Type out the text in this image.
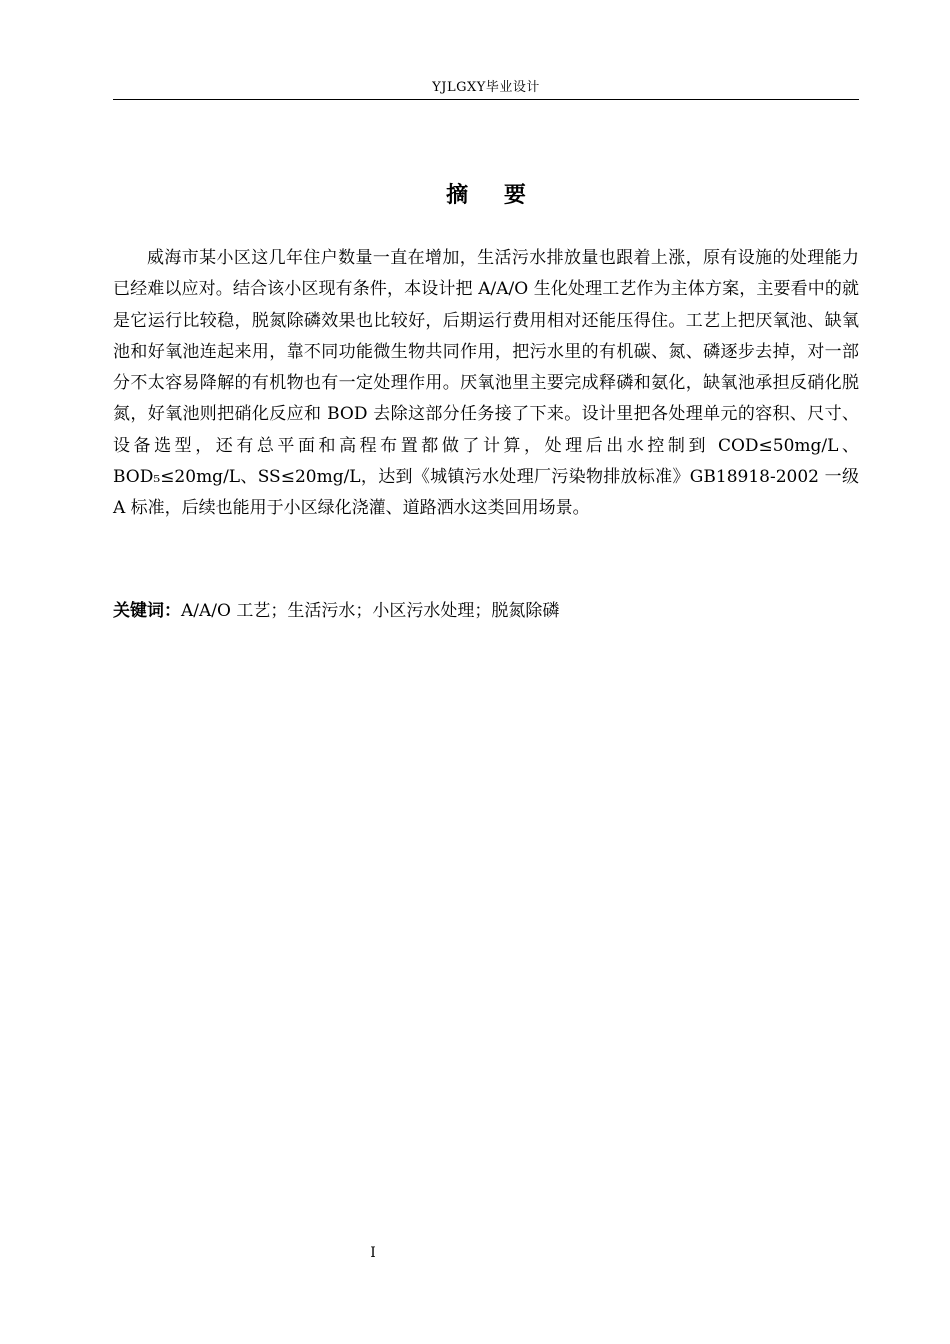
YJLGXY毕业设计
摘 要

威海市某小区这几年住户数量一直在增加，生活污水排放量也跟着上涨，原有设施的处理能力已经难以应对。结合该小区现有条件，本设计把 A/A/O 生化处理工艺作为主体方案，主要看中的就是它运行比较稳，脱氮除磷效果也比较好，后期运行费用相对还能压得住。工艺上把厌氧池、缺氧池和好氧池连起来用，靠不同功能微生物共同作用，把污水里的有机碳、氮、磷逐步去掉，对一部分不太容易降解的有机物也有一定处理作用。厌氧池里主要完成释磷和氨化，缺氧池承担反硝化脱氮，好氧池则把硝化反应和 BOD 去除这部分任务接了下来。设计里把各处理单元的容积、尺寸、设备选型，还有总平面和高程布置都做了计算，处理后出水控制到 COD≤50mg/L、BOD₅≤20mg/L、SS≤20mg/L，达到《城镇污水处理厂污染物排放标准》GB18918-2002 一级 A 标准，后续也能用于小区绿化浇灌、道路洒水这类回用场景。

关键词：A/A/O 工艺；生活污水；小区污水处理；脱氮除磷
I
